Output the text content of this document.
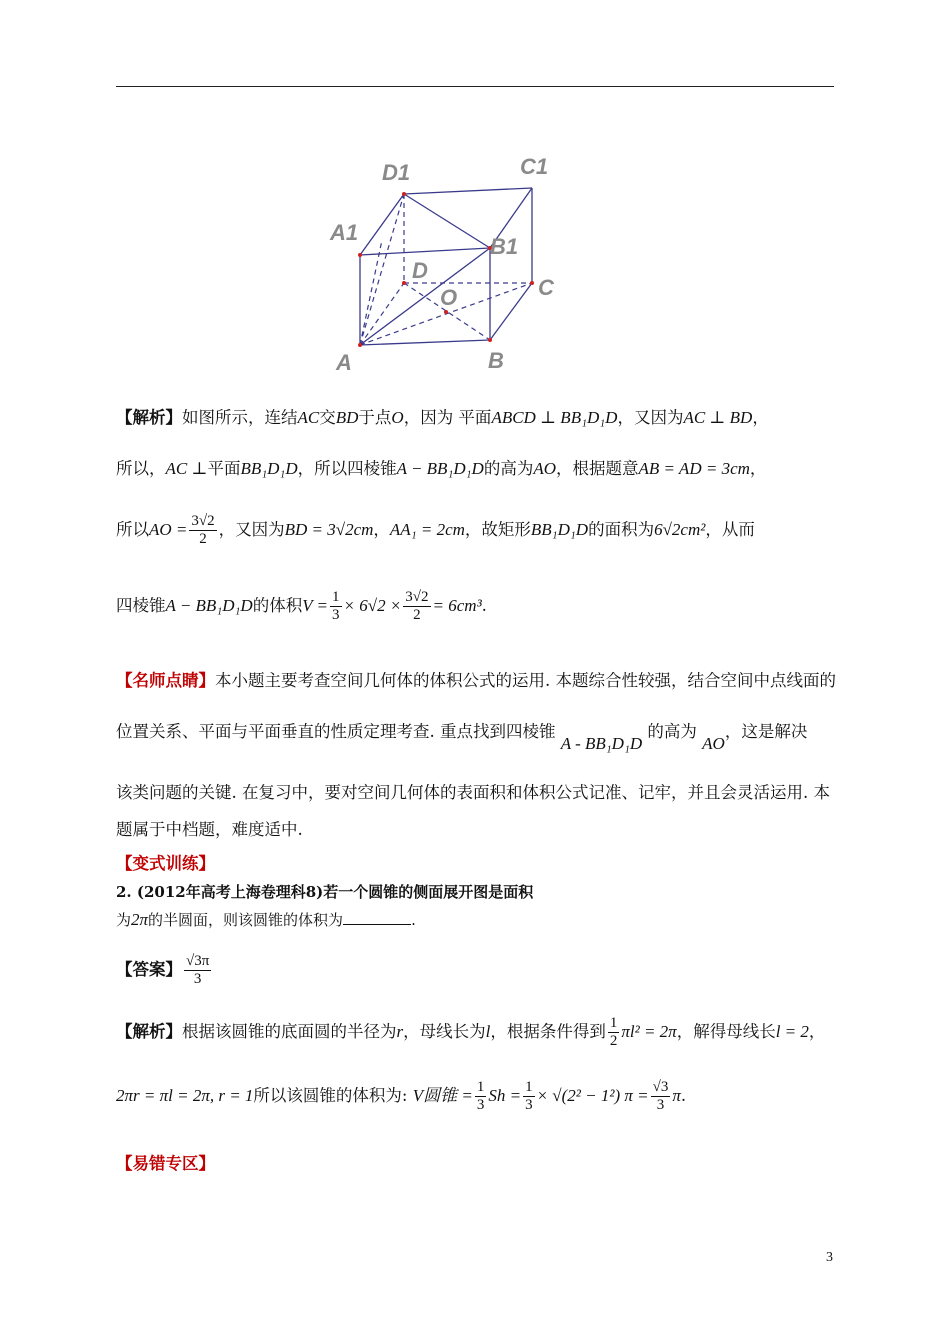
D1	C1
A1
B1
D
O	C
A	B
【解析】如图所示，连结AC交BD于点O，因为 平面ABCD ⊥ BB₁D₁D，又因为AC ⊥ BD，
所以，AC ⊥平面BB₁D₁D，所以四棱锥A − BB₁D₁D的高为AO，根据题意AB = AD = 3cm，
所以AO = $\frac{3√2}{2}$ ，又因为BD = 3√2cm，AA₁ = 2cm，故矩形BB₁D₁D的面积为6√2cm²，从而
四棱锥A − BB₁D₁D的体积$V = \frac{1}{3} \times 6√2 \times \frac{3√2}{2} = 6cm^3$.
【名师点睛】本小题主要考查空间几何体的体积公式的运用. 本题综合性较强，结合空间中点线面的
位置关系、平面与平面垂直的性质定理考查. 重点找到四棱锥 A - BB₁D₁D 的高为 AO，这是解决
该类问题的关键. 在复习中，要对空间几何体的表面积和体积公式记准、记牢，并且会灵活运用. 本
题属于中档题，难度适中.
【变式训练】
2. (2012年高考上海卷理科8)若一个圆锥的侧面展开图是面积
为2π的半圆面，则该圆锥的体积为	.
【答案】 $\frac{√3\pi}{3}$
【解析】根据该圆锥的底面圆的半径为r，母线长为l，根据条件得到 $\frac{1}{2} \pi l^2 = 2\pi$，解得母线长l = 2，
2πr = πl = 2π, r = 1所以该圆锥的体积为: V圆锥 = $\frac{1}{3}$ $Sh = \frac{1}{3} \times √(2^2 - 1^2) \pi = \frac{√3}{3} \pi$.
【易错专区】
3
